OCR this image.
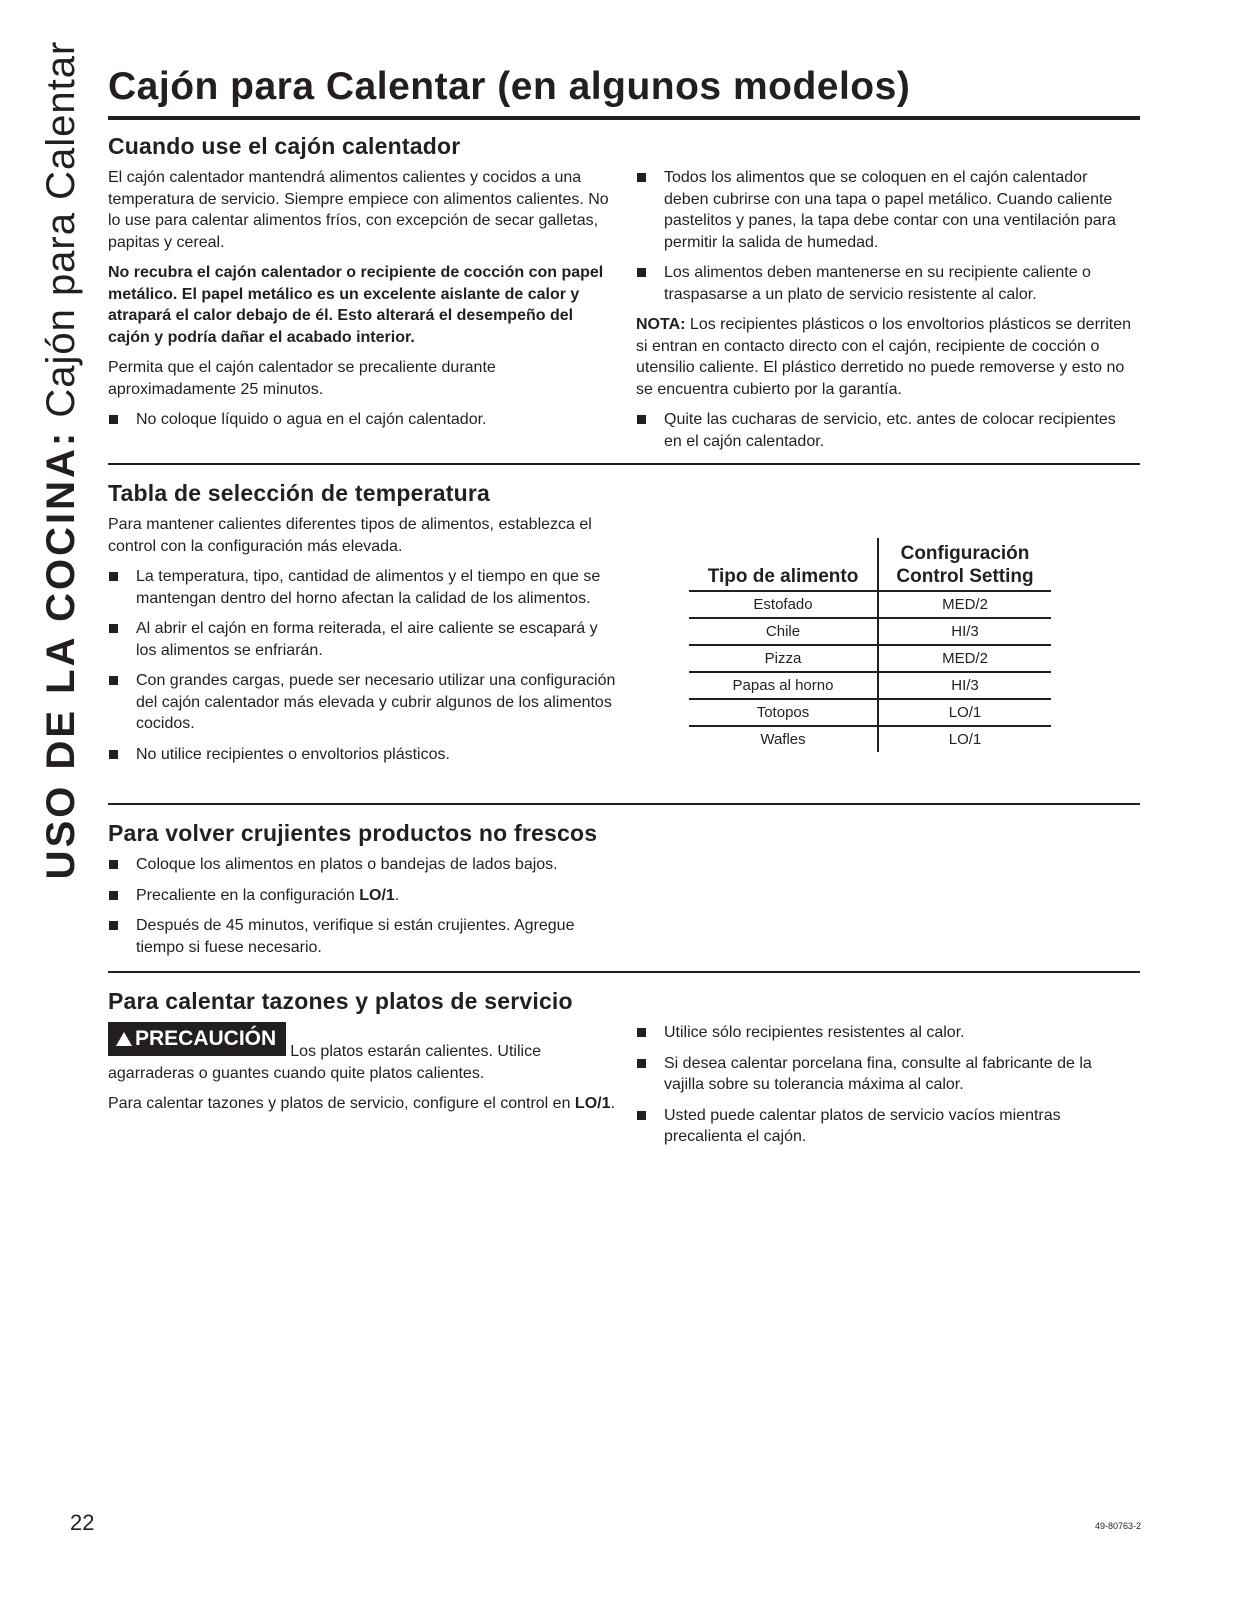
USO DE LA COCINA: Cajón para Calentar Cajón para Calentar (en algunos modelos)
Cuando use el cajón calentador

El cajón calentador mantendrá alimentos calientes y cocidos a una temperatura de servicio. Siempre empiece con alimentos calientes. No lo use para calentar alimentos fríos, con excepción de secar galletas, papitas y cereal.

No recubra el cajón calentador o recipiente de cocción con papel metálico. El papel metálico es un excelente aislante de calor y atrapará el calor debajo de él. Esto alterará el desempeño del cajón y podría dañar el acabado interior.

Permita que el cajón calentador se precaliente durante aproximadamente 25 minutos.

No coloque líquido o agua en el cajón calentador.
Todos los alimentos que se coloquen en el cajón calentador deben cubrirse con una tapa o papel metálico. Cuando caliente pastelitos y panes, la tapa debe contar con una ventilación para permitir la salida de humedad.
Los alimentos deben mantenerse en su recipiente caliente o traspasarse a un plato de servicio resistente al calor.

NOTA: Los recipientes plásticos o los envoltorios plásticos se derriten si entran en contacto directo con el cajón, recipiente de cocción o utensilio caliente. El plástico derretido no puede removerse y esto no se encuentra cubierto por la garantía.

Quite las cucharas de servicio, etc. antes de colocar recipientes en el cajón calentador.
Tabla de selección de temperatura

Para mantener calientes diferentes tipos de alimentos, establezca el control con la configuración más elevada.

La temperatura, tipo, cantidad de alimentos y el tiempo en que se mantengan dentro del horno afectan la calidad de los alimentos.
Al abrir el cajón en forma reiterada, el aire caliente se escapará y los alimentos se enfriarán.
Con grandes cargas, puede ser necesario utilizar una configuración del cajón calentador más elevada y cubrir algunos de los alimentos cocidos.
No utilice recipientes o envoltorios plásticos.
Tipo de alimento	Configuración
Control Setting
Estofado	MED/2
Chile	HI/3
Pizza	MED/2
Papas al horno	HI/3
Totopos	LO/1
Wafles	LO/1
Para volver crujientes productos no frescos
Coloque los alimentos en platos o bandejas de lados bajos.
Precaliente en la configuración LO/1.
Después de 45 minutos, verifique si están crujientes. Agregue tiempo si fuese necesario.
Para calentar tazones y platos de servicio

PRECAUCIÓNLos platos estarán calientes. Utilice
agarraderas o guantes cuando quite platos calientes.

Para calentar tazones y platos de servicio, configure el control en LO/1.

Utilice sólo recipientes resistentes al calor.
Si desea calentar porcelana fina, consulte al fabricante de la vajilla sobre su tolerancia máxima al calor.
Usted puede calentar platos de servicio vacíos mientras precalienta el cajón.
22	49-80763-2
